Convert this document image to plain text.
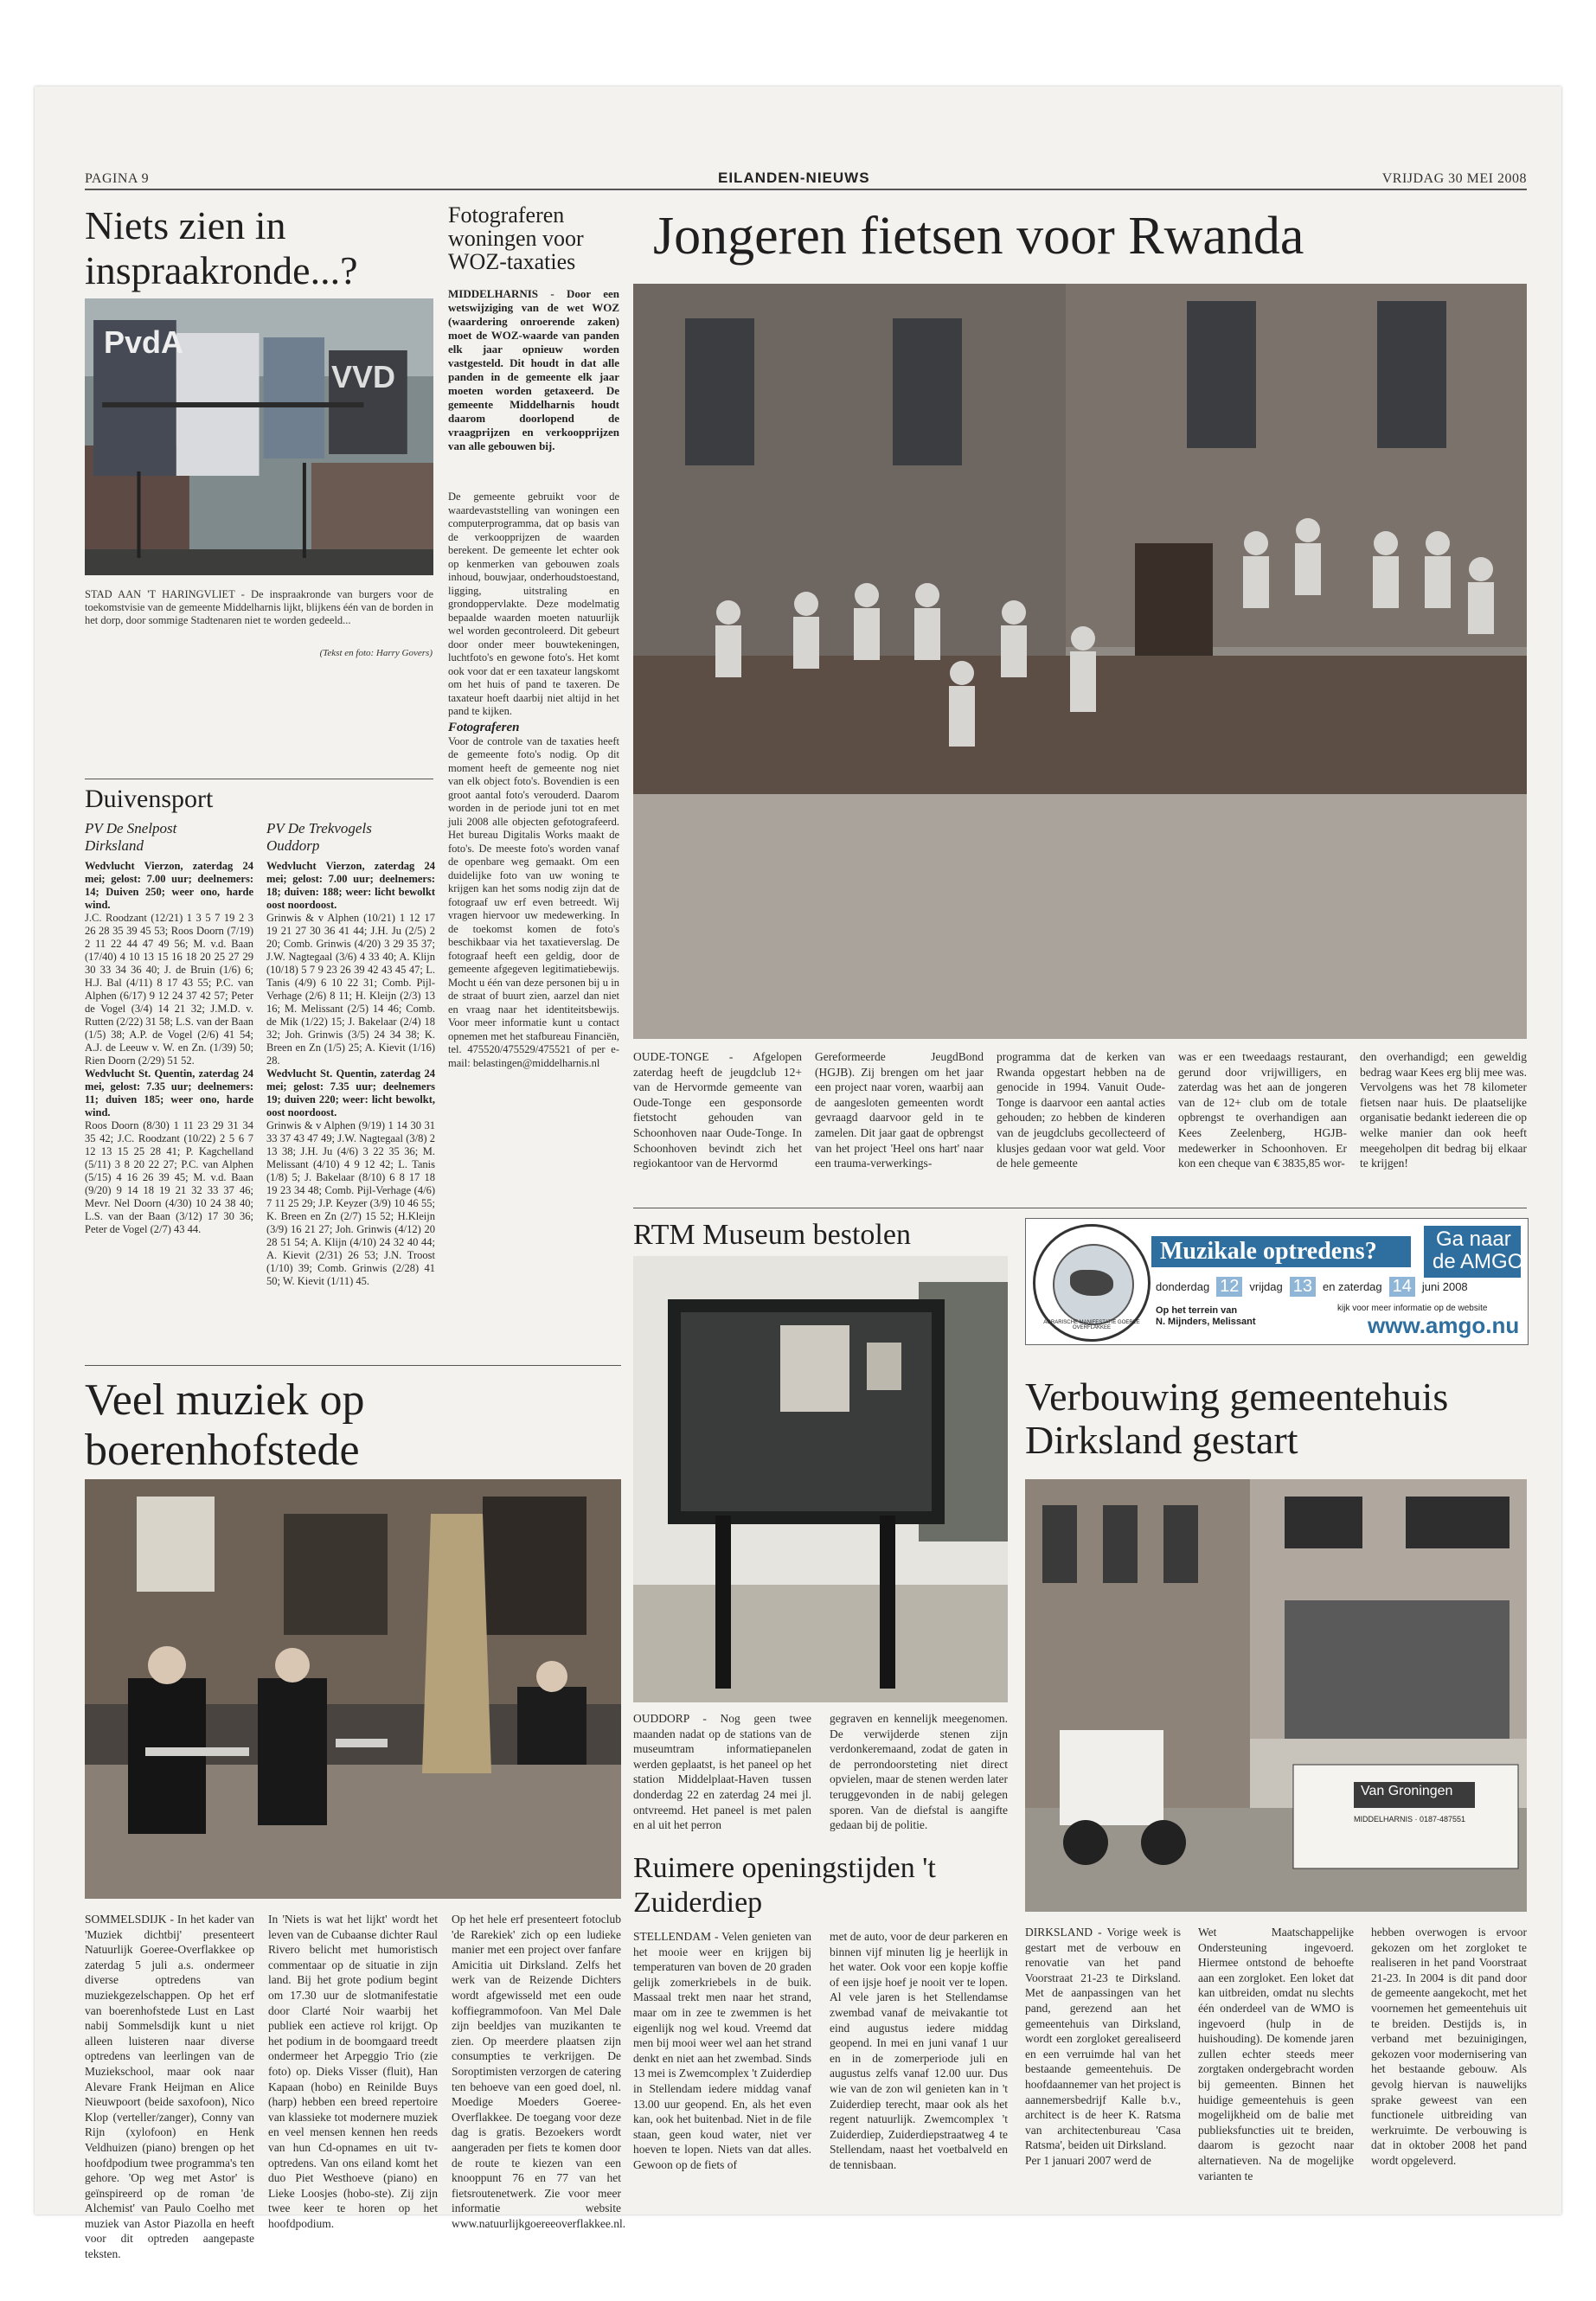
PAGINA 9	EILANDEN-NIEUWS	VRIJDAG 30 MEI 2008
Niets zien in inspraakronde...?
PvdA
VVD

STAD AAN 'T HARINGVLIET - De inspraakronde van burgers voor de toekomstvisie van de gemeente Middelharnis lijkt, blijkens één van de borden in het dorp, door sommige Stadtenaren niet te worden gedeeld...

(Tekst en foto: Harry Govers)

Duivensport

PV De Snelpost

Dirksland

Wedvlucht Vierzon, zaterdag 24 mei; gelost: 7.00 uur; deelnemers: 14; Duiven 250; weer ono, harde wind.

J.C. Roodzant (12/21) 1 3 5 7 19 2 3 26 28 35 39 45 53; Roos Doorn (7/19) 2 11 22 44 47 49 56; M. v.d. Baan (17/40) 4 10 13 15 16 18 20 25 27 29 30 33 34 36 40; J. de Bruin (1/6) 6; H.J. Bal (4/11) 8 17 43 55; P.C. van Alphen (6/17) 9 12 24 37 42 57; Peter de Vogel (3/4) 14 21 32; J.M.D. v. Rutten (2/22) 31 58; L.S. van der Baan (1/5) 38; A.P. de Vogel (2/6) 41 54; A.J. de Leeuw v. W. en Zn. (1/39) 50; Rien Doorn (2/29) 51 52.

Wedvlucht St. Quentin, zaterdag 24 mei, gelost: 7.35 uur; deelnemers: 11; duiven 185; weer ono, harde wind.

Roos Doorn (8/30) 1 11 23 29 31 34 35 42; J.C. Roodzant (10/22) 2 5 6 7 12 13 15 25 28 41; P. Kagchelland (5/11) 3 8 20 22 27; P.C. van Alphen (5/15) 4 16 26 39 45; M. v.d. Baan (9/20) 9 14 18 19 21 32 33 37 46; Mevr. Nel Doorn (4/30) 10 24 38 40; L.S. van der Baan (3/12) 17 30 36; Peter de Vogel (2/7) 43 44.

PV De Trekvogels

Ouddorp

Wedvlucht Vierzon, zaterdag 24 mei; gelost: 7.00 uur; deelnemers: 18; duiven: 188; weer: licht bewolkt oost noordoost.

Grinwis & v Alphen (10/21) 1 12 17 19 21 27 30 36 41 44; J.H. Ju (2/5) 2 20; Comb. Grinwis (4/20) 3 29 35 37; J.W. Nagtegaal (3/6) 4 33 40; A. Klijn (10/18) 5 7 9 23 26 39 42 43 45 47; L. Tanis (4/9) 6 10 22 31; Comb. Pijl-Verhage (2/6) 8 11; H. Kleijn (2/3) 13 16; M. Melissant (2/5) 14 46; Comb. de Mik (1/22) 15; J. Bakelaar (2/4) 18 32; Joh. Grinwis (3/5) 24 34 38; K. Breen en Zn (1/5) 25; A. Kievit (1/16) 28.

Wedvlucht St. Quentin, zaterdag 24 mei; gelost: 7.35 uur; deelnemers 19; duiven 220; weer: licht bewolkt, oost noordoost.

Grinwis & v Alphen (9/19) 1 14 30 31 33 37 43 47 49; J.W. Nagtegaal (3/8) 2 13 38; J.H. Ju (4/6) 3 22 35 36; M. Melissant (4/10) 4 9 12 42; L. Tanis (1/8) 5; J. Bakelaar (8/10) 6 8 17 18 19 23 34 48; Comb. Pijl-Verhage (4/6) 7 11 25 29; J.P. Keyzer (3/9) 10 46 55; K. Breen en Zn (2/7) 15 52; H.Kleijn (3/9) 16 21 27; Joh. Grinwis (4/12) 20 28 51 54; A. Klijn (4/10) 24 32 40 44; A. Kievit (2/31) 26 53; J.N. Troost (1/10) 39; Comb. Grinwis (2/28) 41 50; W. Kievit (1/11) 45.

Fotograferen woningen voor WOZ-taxaties

MIDDELHARNIS - Door een wetswijziging van de wet WOZ (waardering onroerende zaken) moet de WOZ-waarde van panden elk jaar opnieuw worden vastgesteld. Dit houdt in dat alle panden in de gemeente elk jaar moeten worden getaxeerd. De gemeente Middelharnis houdt daarom doorlopend de vraagprijzen en verkoopprijzen van alle gebouwen bij.

De gemeente gebruikt voor de waardevaststelling van woningen een computerprogramma, dat op basis van de verkoopprijzen de waarden berekent. De gemeente let echter ook op kenmerken van gebouwen zoals inhoud, bouwjaar, onderhoudstoestand, ligging, uitstraling en grondoppervlakte. Deze modelmatig bepaalde waarden moeten natuurlijk wel worden gecontroleerd. Dit gebeurt door onder meer bouwtekeningen, luchtfoto's en gewone foto's. Het komt ook voor dat er een taxateur langskomt om het huis of pand te taxeren. De taxateur hoeft daarbij niet altijd in het pand te kijken.

Fotograferen

Voor de controle van de taxaties heeft de gemeente foto's nodig. Op dit moment heeft de gemeente nog niet van elk object foto's. Bovendien is een groot aantal foto's verouderd. Daarom worden in de periode juni tot en met juli 2008 alle objecten gefotografeerd. Het bureau Digitalis Works maakt de foto's. De meeste foto's worden vanaf de openbare weg gemaakt. Om een duidelijke foto van uw woning te krijgen kan het soms nodig zijn dat de fotograaf uw erf even betreedt. Wij vragen hiervoor uw medewerking. In de toekomst komen de foto's beschikbaar via het taxatieverslag. De fotograaf heeft een geldig, door de gemeente afgegeven legitimatiebewijs. Mocht u één van deze personen bij u in de straat of buurt zien, aarzel dan niet en vraag naar het identiteitsbewijs. Voor meer informatie kunt u contact opnemen met het stafbureau Financiën, tel. 475520/475529/475521 of per e-mail: belastingen@middelharnis.nl

Jongeren fietsen voor Rwanda

OUDE-TONGE - Afgelopen zaterdag heeft de jeugdclub 12+ van de Hervormde gemeente van Oude-Tonge een gesponsorde fietstocht gehouden van Schoonhoven naar Oude-Tonge. In Schoonhoven bevindt zich het regiokantoor van de Hervormd

Gereformeerde JeugdBond (HGJB). Zij brengen om het jaar een project naar voren, waarbij aan de aangesloten gemeenten wordt gevraagd daarvoor geld in te zamelen. Dit jaar gaat de opbrengst van het project 'Heel ons hart' naar een trauma-verwerkings-

programma dat de kerken van Rwanda opgestart hebben na de genocide in 1994. Vanuit Oude-Tonge is daarvoor een aantal acties gehouden; zo hebben de kinderen van de jeugdclubs gecollecteerd of klusjes gedaan voor wat geld. Voor de hele gemeente

was er een tweedaags restaurant, gerund door vrijwilligers, en zaterdag was het aan de jongeren van de 12+ club om de totale opbrengst te overhandigen aan Kees Zeelenberg, HGJB-medewerker in Schoonhoven. Er kon een cheque van € 3835,85 wor-

den overhandigd; een geweldig bedrag waar Kees erg blij mee was. Vervolgens was het 78 kilometer fietsen naar huis. De plaatselijke organisatie bedankt iedereen die op welke manier dan ook heeft meegeholpen dit bedrag bij elkaar te krijgen!

RTM Museum bestolen

OUDDORP - Nog geen twee maanden nadat op de stations van de museumtram informatiepanelen werden geplaatst, is het paneel op het station Middelplaat-Haven tussen donderdag 22 en zaterdag 24 mei jl. ontvreemd. Het paneel is met palen en al uit het perron

gegraven en kennelijk meegenomen. De verwijderde stenen zijn verdonkeremaand, zodat de gaten in de perrondoorsteting niet direct opvielen, maar de stenen werden later teruggevonden in de nabij gelegen sporen. Van de diefstal is aangifte gedaan bij de politie.

AGRARISCHE MANIFESTATIE GOEREE OVERFLAKKEE
Muzikale optredens?	Ga naar
de AMGO
donderdag 12 vrijdag 13 en zaterdag 14 juni 2008
Op het terrein van
N. Mijnders, Melissant
kijk voor meer informatie op de website
www.amgo.nu
Verbouwing gemeentehuis Dirksland gestart
Van Groningen
MIDDELHARNIS · 0187-487551

DIRKSLAND - Vorige week is gestart met de verbouw en renovatie van het pand Voorstraat 21-23 te Dirksland. Met de aanpassingen van het pand, gerezend aan het gemeentehuis van Dirksland, wordt een zorgloket gerealiseerd en een verruimde hal van het bestaande gemeentehuis. De hoofdaannemer van het project is aannemersbedrijf Kalle b.v., architect is de heer K. Ratsma van architectenbureau 'Casa Ratsma', beiden uit Dirksland.

Per 1 januari 2007 werd de

Wet Maatschappelijke Ondersteuning ingevoerd. Hiermee ontstond de behoefte aan een zorgloket. Een loket dat kan uitbreiden, omdat nu slechts één onderdeel van de WMO is ingevoerd (hulp in de huishouding). De komende jaren zullen echter steeds meer zorgtaken ondergebracht worden bij gemeenten. Binnen het huidige gemeentehuis is geen mogelijkheid om de balie met publieksfuncties uit te breiden, daarom is gezocht naar alternatieven. Na de mogelijke varianten te

hebben overwogen is ervoor gekozen om het zorgloket te realiseren in het pand Voorstraat 21-23. In 2004 is dit pand door de gemeente aangekocht, met het voornemen het gemeentehuis uit te breiden. Destijds is, in verband met bezuinigingen, gekozen voor modernisering van het bestaande gebouw. Als gevolg hiervan is nauwelijks sprake geweest van een functionele uitbreiding van werkruimte. De verbouwing is dat in oktober 2008 het pand wordt opgeleverd.

Ruimere openingstijden 't Zuiderdiep

STELLENDAM - Velen genieten van het mooie weer en krijgen bij temperaturen van boven de 20 graden gelijk zomerkriebels in de buik. Massaal trekt men naar het strand, maar om in zee te zwemmen is het eigenlijk nog wel koud. Vreemd dat men bij mooi weer wel aan het strand denkt en niet aan het zwembad. Sinds 13 mei is Zwemcomplex 't Zuiderdiep in Stellendam iedere middag vanaf 13.00 uur geopend. En, als het even kan, ook het buitenbad. Niet in de file staan, geen koud water, niet ver hoeven te lopen. Niets van dat alles. Gewoon op de fiets of

met de auto, voor de deur parkeren en binnen vijf minuten lig je heerlijk in het water. Ook voor een kopje koffie of een ijsje hoef je nooit ver te lopen. Al vele jaren is het Stellendamse zwembad vanaf de meivakantie tot eind augustus iedere middag geopend. In mei en juni vanaf 1 uur en in de zomerperiode juli en augustus zelfs vanaf 12.00 uur. Dus wie van de zon wil genieten kan in 't Zuiderdiep terecht, maar ook als het regent natuurlijk. Zwemcomplex 't Zuiderdiep, Zuiderdiepstraatweg 4 te Stellendam, naast het voetbalveld en de tennisbaan.

Veel muziek op boerenhofstede

SOMMELSDIJK - In het kader van 'Muziek dichtbij' presenteert Natuurlijk Goeree-Overflakkee op zaterdag 5 juli a.s. ondermeer diverse optredens van muziekgezelschappen. Op het erf van boerenhofstede Lust en Last nabij Sommelsdijk kunt u niet alleen luisteren naar diverse optredens van leerlingen van de Muziekschool, maar ook naar Alevare Frank Heijman en Alice Nieuwpoort (beide saxofoon), Nico Klop (verteller/zanger), Conny van Rijn (xylofoon) en Henk Veldhuizen (piano) brengen op het hoofdpodium twee programma's ten gehore. 'Op weg met Astor' is geïnspireerd op de roman 'de Alchemist' van Paulo Coelho met muziek van Astor Piazolla en heeft voor dit optreden aangepaste teksten.

In 'Niets is wat het lijkt' wordt het leven van de Cubaanse dichter Raul Rivero belicht met humoristisch commentaar op de situatie in zijn land. Bij het grote podium begint om 17.30 uur de slotmanifestatie door Clarté Noir waarbij het publiek een actieve rol krijgt. Op het podium in de boomgaard treedt ondermeer het Arpeggio Trio (zie foto) op. Dieks Visser (fluit), Han Kapaan (hobo) en Reinilde Buys (harp) hebben een breed repertoire van klassieke tot modernere muziek en veel mensen kennen hen reeds van hun Cd-opnames en uit tv-optredens. Van ons eiland komt het duo Piet Westhoeve (piano) en Lieke Loosjes (hobo-ste). Zij zijn twee keer te horen op het hoofdpodium.

Op het hele erf presenteert fotoclub 'de Rarekiek' zich op een ludieke manier met een project over fanfare Amicitia uit Dirksland. Zelfs het werk van de Reizende Dichters wordt afgewisseld met een oude koffiegrammofoon. Van Mel Dale zijn beeldjes van muzikanten te zien. Op meerdere plaatsen zijn consumpties te verkrijgen. De Soroptimisten verzorgen de catering ten behoeve van een goed doel, nl. Moedige Moeders Goeree-Overflakkee. De toegang voor deze dag is gratis. Bezoekers wordt aangeraden per fiets te komen door de route te kiezen van een knooppunt 76 en 77 van het fietsroutenetwerk. Zie voor meer informatie website www.natuurlijkgoereeoverflakkee.nl.
